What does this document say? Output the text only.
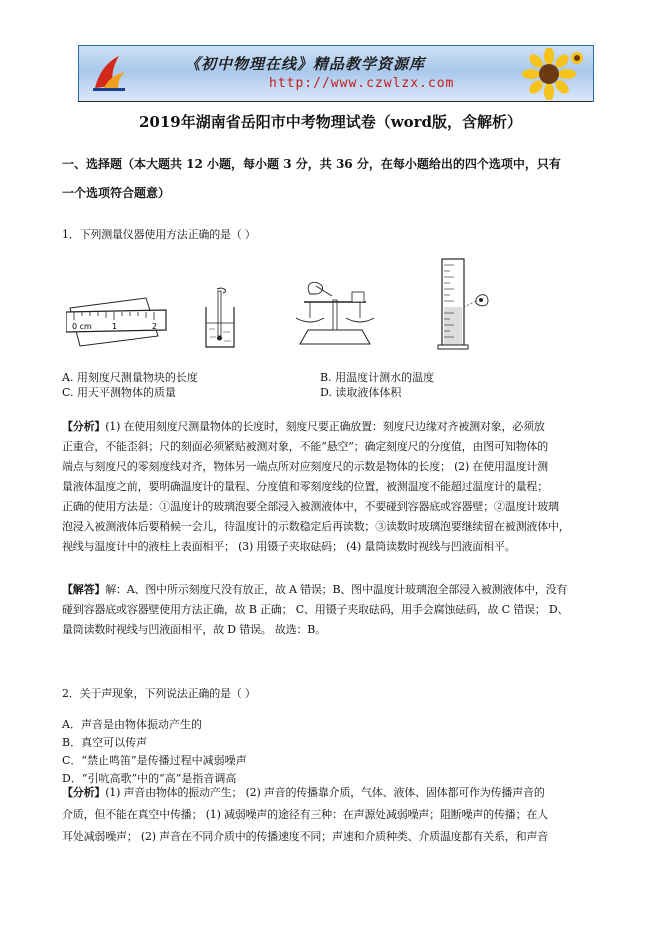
《初中物理在线》精品教学资源库
http://www.czwlzx.com
2019年湖南省岳阳市中考物理试卷（word版，含解析）
一、选择题（本大题共 12 小题，每小题 3 分，共 36 分，在每小题给出的四个选项中，只有
一个选项符合题意）
1．下列测量仪器使用方法正确的是（ ）
0 cm	1	2
A. 用刻度尺测量物块的长度	B. 用温度计测水的温度
C. 用天平测物体的质量	D. 读取液体体积
【分析】(1) 在使用刻度尺测量物体的长度时，刻度尺要正确放置：刻度尺边缘对齐被测对象，必须放
正重合，不能歪斜；尺的刻面必须紧贴被测对象，不能“悬空”；确定刻度尺的分度值，由图可知物体的
端点与刻度尺的零刻度线对齐，物体另一端点所对应刻度尺的示数是物体的长度； (2) 在使用温度计测
量液体温度之前，要明确温度计的量程、分度值和零刻度线的位置，被测温度不能超过温度计的量程；
正确的使用方法是：①温度计的玻璃泡要全部浸入被测液体中，不要碰到容器底或容器壁；②温度计玻璃
泡浸入被测液体后要稍候一会儿，待温度计的示数稳定后再读数；③读数时玻璃泡要继续留在被测液体中，
视线与温度计中的液柱上表面相平； (3) 用镊子夹取砝码； (4) 量筒读数时视线与凹液面相平。
【解答】解：A、图中所示刻度尺没有放正，故 A 错误；B、图中温度计玻璃泡全部浸入被测液体中，没有
碰到容器底或容器壁使用方法正确，故 B 正确； C、用镊子夹取砝码，用手会腐蚀砝码，故 C 错误； D、
量筒读数时视线与凹液面相平，故 D 错误。 故选：B。
2．关于声现象，下列说法正确的是（ ）
A．声音是由物体振动产生的
B．真空可以传声
C．“禁止鸣笛”是传播过程中减弱噪声
D．“引吭高歌”中的“高”是指音调高
【分析】(1) 声音由物体的振动产生； (2) 声音的传播靠介质，气体、液体、固体都可作为传播声音的
介质，但不能在真空中传播； (1) 减弱噪声的途径有三种：在声源处减弱噪声；阻断噪声的传播；在人
耳处减弱噪声； (2) 声音在不同介质中的传播速度不同；声速和介质种类、介质温度都有关系，和声音
